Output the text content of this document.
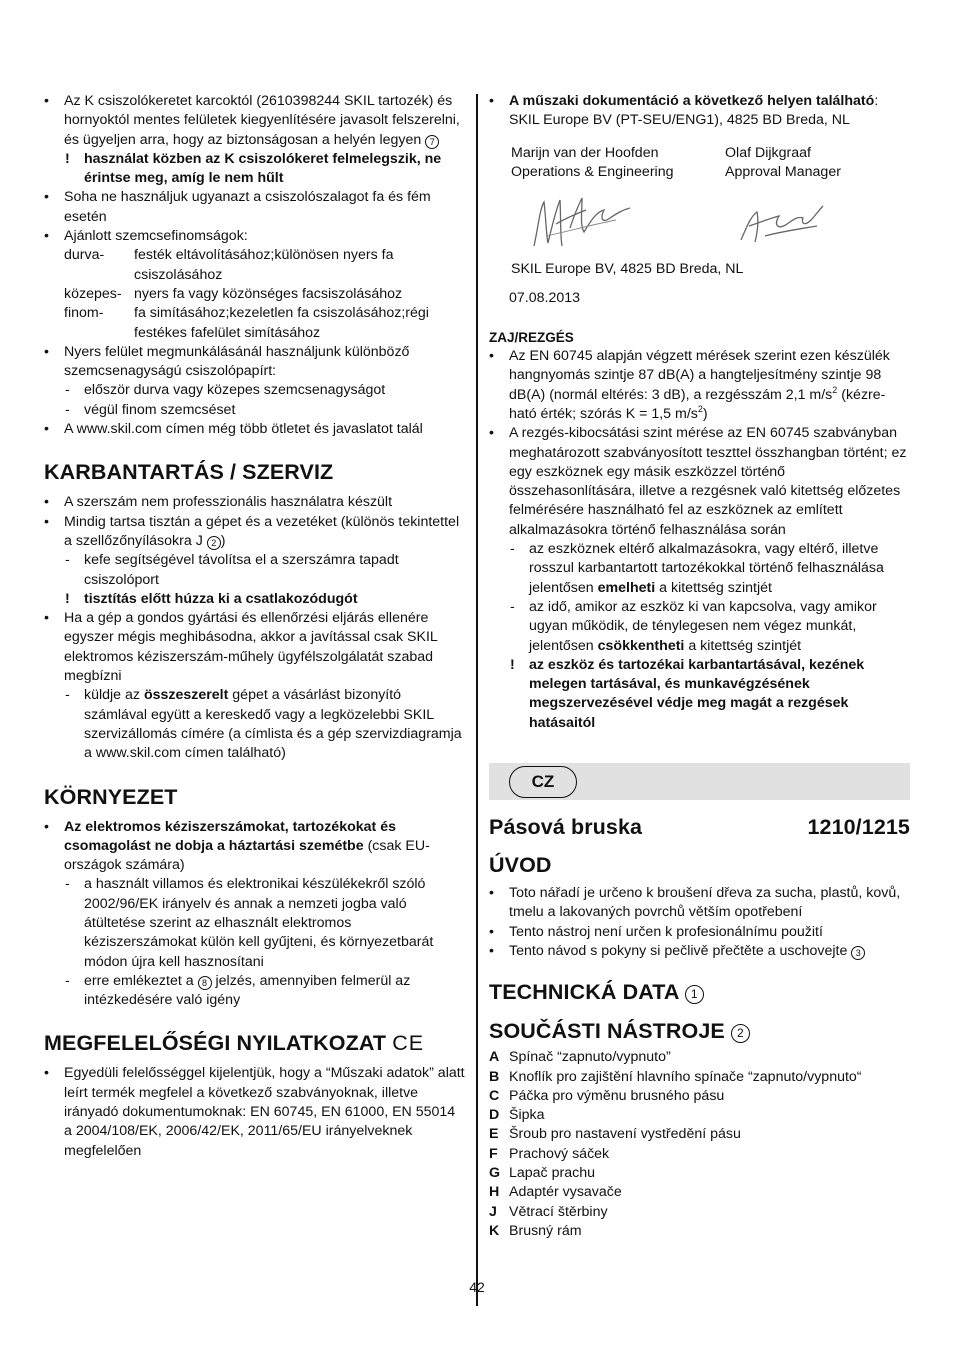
• Az K csiszolókeretet karcoktól (2610398244 SKIL tartozék) és hornyoktól mentes felületek kiegyenlítésére javasolt felszerelni, és ügyeljen arra, hogy az biztonságosan a helyén legyen 7

! használat közben az K csiszolókeret felmelegszik, ne érintse meg, amíg le nem hűlt

• Soha ne használjuk ugyanazt a csiszolószalagot fa és fém esetén

• Ajánlott szemcsefinomságok:

durva-	festék eltávolításához;különösen nyers fa csiszolásához
közepes- nyers fa vagy közönséges facsiszolásához
finom-	fa simításához;kezeletlen fa csiszolásához;régi festékes fafelület simításához

• Nyers felület megmunkálásánál használjunk különböző szemcsenagyságú csiszolópapírt:

- először durva vagy közepes szemcsenagyságot

- végül finom szemcséset

• A www.skil.com címen még több ötletet és javaslatot talál

KARBANTARTÁS / SZERVIZ

• A szerszám nem professzionális használatra készült

• Mindig tartsa tisztán a gépet és a vezetéket (különös tekintettel a szellőzőnyílásokra J 2 )

- kefe segítségével távolítsa el a szerszámra tapadt csiszolóport

! tisztítás előtt húzza ki a csatlakozódugót

• Ha a gép a gondos gyártási és ellenőrzési eljárás ellenére egyszer mégis meghibásodna, akkor a javítással csak SKIL elektromos kéziszerszám-műhely ügyfélszolgálatát szabad megbízni

- küldje az összeszerelt gépet a vásárlást bizonyító számlával együtt a kereskedő vagy a legközelebbi SKIL szervizállomás címére (a címlista és a gép szervizdiagramja a www.skil.com címen található)

KÖRNYEZET

• Az elektromos kéziszerszámokat, tartozékokat és csomagolást ne dobja a háztartási szemétbe (csak EU-országok számára)

- a használt villamos és elektronikai készülékekről szóló 2002/96/EK irányelv és annak a nemzeti jogba való átültetése szerint az elhasznált elektromos kéziszerszámokat külön kell gyűjteni, és környezetbarát módon újra kell hasznosítani

- erre emlékeztet a 8 jelzés, amennyiben felmerül az intézkedésére való igény

MEGFELELŐSÉGI NYILATKOZAT CE

• Egyedüli felelősséggel kijelentjük, hogy a “Műszaki adatok” alatt leírt termék megfelel a következő szabványoknak, illetve irányadó dokumentumoknak: EN 60745, EN 61000, EN 55014 a 2004/108/EK, 2006/42/EK, 2011/65/EU irányelveknek megfelelően

• A műszaki dokumentáció a következő helyen található: SKIL Europe BV (PT-SEU/ENG1), 4825 BD Breda, NL

Marijn van der Hoofden
Operations & Engineering
Olaf Dijkgraaf
Approval Manager

SKIL Europe BV, 4825 BD Breda, NL

07.08.2013

ZAJ/REZGÉS

• Az EN 60745 alapján végzett mérések szerint ezen készülék hangnyomás szintje 87 dB(A) a hangteljesítmény szintje 98 dB(A) (normál eltérés: 3 dB), a rezgésszám 2,1 $m/s^2$ (kézre-ható érték; szórás K = 1,5 $m/s^2$)

• A rezgés-kibocsátási szint mérése az EN 60745 szabványban meghatározott szabványosított teszttel összhangban történt; ez egy eszköznek egy másik eszközzel történő összehasonlítására, illetve a rezgésnek való kitettség előzetes felmérésére használható fel az eszköznek az említett alkalmazásokra történő felhasználása során

- az eszköznek eltérő alkalmazásokra, vagy eltérő, illetve rosszul karbantartott tartozékokkal történő felhasználása jelentősen emelheti a kitettség szintjét

- az idő, amikor az eszköz ki van kapcsolva, vagy amikor ugyan működik, de ténylegesen nem végez munkát, jelentősen csökkentheti a kitettség szintjét

! az eszköz és tartozékai karbantartásával, kezének melegen tartásával, és munkavégzésének megszervezésével védje meg magát a rezgések hatásaitól

CZ
Pásová bruska	1210/1215
ÚVOD

• Toto nářadí je určeno k broušení dřeva za sucha, plastů, kovů, tmelu a lakovaných povrchů větším opotřebení

• Tento nástroj není určen k profesionálnímu použití

• Tento návod s pokyny si pečlivě přečtěte a uschovejte 3

TECHNICKÁ DATA 1
SOUČÁSTI NÁSTROJE 2
A Spínač “zapnuto/vypnuto”
B Knoflík pro zajištění hlavního spínače “zapnuto/vypnuto“
C Páčka pro výměnu brusného pásu
D Šipka
E Šroub pro nastavení vystředění pásu
F Prachový sáček
G Lapač prachu
H Adaptér vysavače
J Větrací štěrbiny
K Brusný rám
42
